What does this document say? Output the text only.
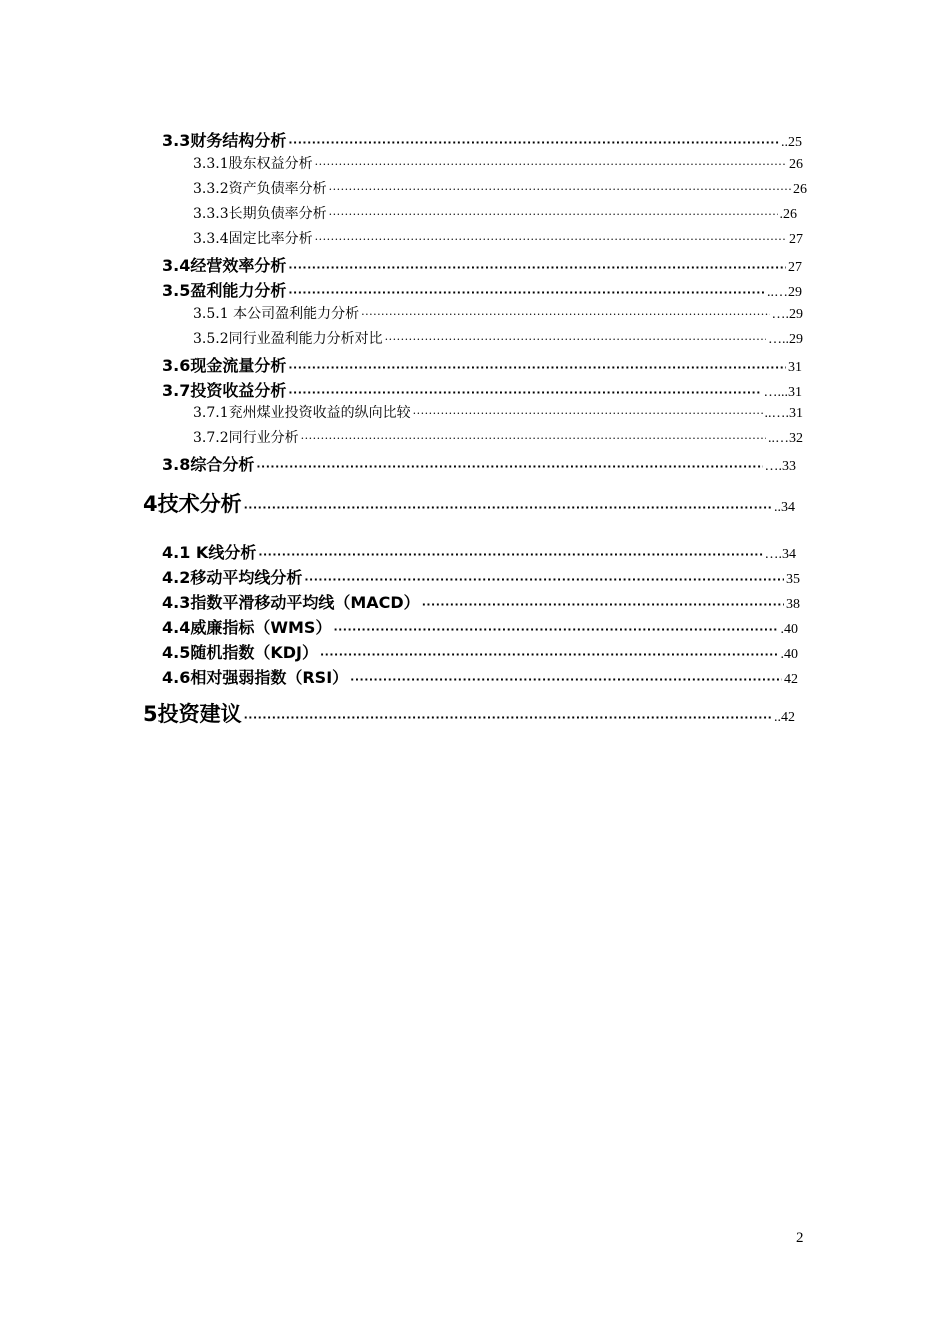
3.3财务结构分析 ·····	..25
3.3.1股东权益分析 ·····	26
3.3.2资产负债率分析 ·····	26
3.3.3长期负债率分析 ·····	.26
3.3.4固定比率分析 ·····	27
3.4经营效率分析 ·····	27
3.5盈利能力分析 ·····	..…29
3.5.1 本公司盈利能力分析 ·····	….29
3.5.2同行业盈利能力分析对比 ·····	…..29
3.6现金流量分析 ·····	31
3.7投资收益分析 ·····	…...31
3.7.1兖州煤业投资收益的纵向比较 ·····	..….31
3.7.2同行业分析 ·····	..…32
3.8综合分析 ·····	….33
4技术分析 ·····	..34
4.1 K线分析 ·····	….34
4.2移动平均线分析 ·····	35
4.3指数平滑移动平均线（MACD） ·····	38
4.4威廉指标（WMS） ·····	.40
4.5随机指数（KDJ） ·····	.40
4.6相对强弱指数（RSI） ·····	42
5投资建议 ·····	..42
2
